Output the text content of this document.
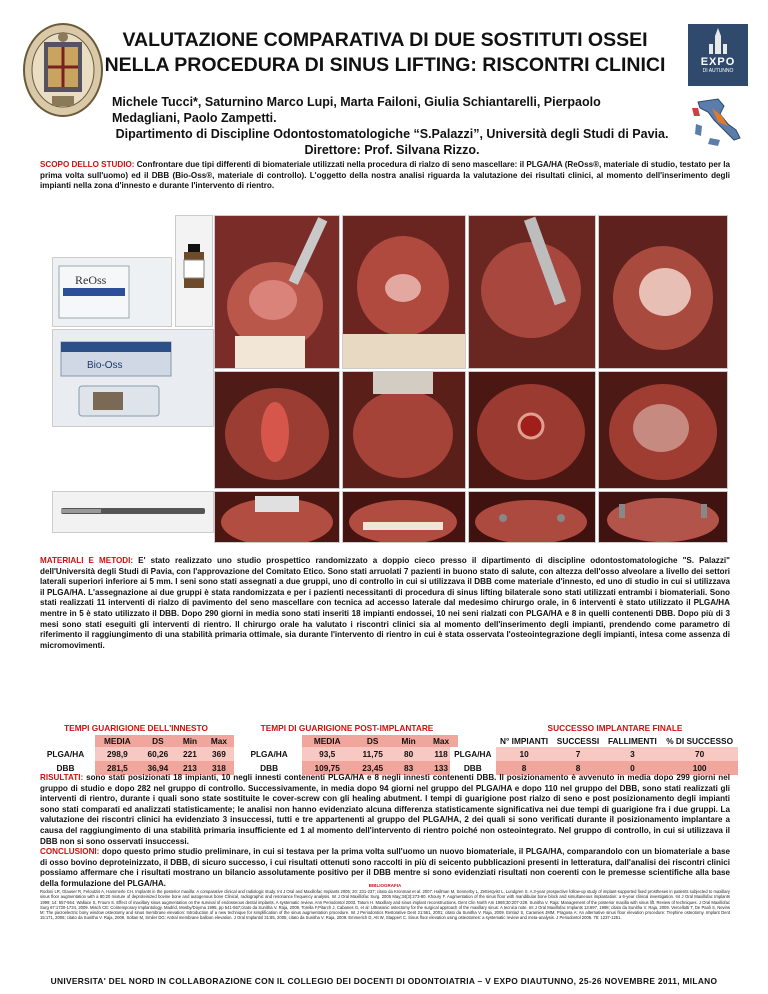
VALUTAZIONE COMPARATIVA DI DUE SOSTITUTI OSSEI
NELLA PROCEDURA DI SINUS LIFTING: RISCONTRI CLINICI	EXPO
DI AUTUNNO
Michele Tucci*, Saturnino Marco Lupi, Marta Failoni, Giulia Schiantarelli, Pierpaolo Medagliani, Paolo Zampetti.
Dipartimento di Discipline Odontostomatologiche “S.Palazzi”, Università degli Studi di Pavia.
Direttore: Prof. Silvana Rizzo.
SCOPO DELLO STUDIO: Confrontare due tipi differenti di biomateriale utilizzati nella procedura di rialzo di seno mascellare: il PLGA/HA (ReOss®, materiale di studio, testato per la prima volta sull'uomo) ed il DBB (Bio-Oss®, materiale di controllo). L'oggetto della nostra analisi riguarda la valutazione dei risultati clinici, al momento dell'inserimento degli impianti nella zona d'innesto e durante l'intervento di rientro.
ReOss
Bio-Oss
MATERIALI E METODI: E' stato realizzato uno studio prospettico randomizzato a doppio cieco presso il dipartimento di discipline odontostomatologiche "S. Palazzi" dell'Università degli Studi di Pavia, con l'approvazione del Comitato Etico. Sono stati arruolati 7 pazienti in buono stato di salute, con altezza dell'osso alveolare a livello dei settori laterali superiori inferiore ai 5 mm. I seni sono stati assegnati a due gruppi, uno di controllo in cui si utilizzava il DBB come materiale d'innesto, ed uno di studio in cui si utilizzava il PLGA/HA. L'assegnazione ai due gruppi è stata randomizzata e per i pazienti necessitanti di procedura di sinus lifting bilaterale sono stati utilizzati entrambi i biomateriali. Sono stati realizzati 11 interventi di rialzo di pavimento del seno mascellare con tecnica ad accesso laterale dal medesimo chirurgo orale, in 6 interventi è stato utilizzato il PLGA/HA mentre in 5 è stato utilizzato il DBB. Dopo 290 giorni in media sono stati inseriti 18 impianti endossei, 10 nei seni rialzati con PLGA/HA e 8 in quelli contenenti DBB. Dopo più di 3 mesi sono stati eseguiti gli interventi di rientro. Il chirurgo orale ha valutato i riscontri clinici sia al momento dell'inserimento degli impianti, prendendo come parametro di riferimento il raggiungimento di una stabilità primaria ottimale, sia durante l'intervento di rientro in cui è stata osservata l'osteointegrazione degli impianti, intesa come assenza di micromovimenti.
TEMPI GUARIGIONE DELL'INNESTO
	MEDIA	DS	Min	Max
PLGA/HA	298,9	60,26	221	369
DBB	281,5	36,94	213	318
TEMPI DI GUARIGIONE POST-IMPLANTARE
	MEDIA	DS	Min	Max
PLGA/HA	93,5	11,75	80	118
DBB	109,75	23,45	83	133
SUCCESSO IMPLANTARE FINALE
	N° IMPIANTI	SUCCESSI	FALLIMENTI	% DI SUCCESSO
PLGA/HA	10	7	3	70
DBB	8	8	0	100
RISULTATI: sono stati posizionati 18 impianti, 10 negli innesti contenenti PLGA/HA e 8 negli innesti contenenti DBB. Il posizionamento è avvenuto in media dopo 299 giorni nel gruppo di studio e dopo 282 nel gruppo di controllo. Successivamente, in media dopo 94 giorni nel gruppo del PLGA/HA e dopo 110 nel gruppo del DBB, sono stati realizzati gli interventi di rientro, durante i quali sono state sostituite le cover-screw con gli healing abutment. I tempi di guarigione post rialzo di seno e post posizionamento degli impianti sono stati comparati ed analizzati statisticamente; le analisi non hanno evidenziato alcuna differenza statisticamente significativa nei due tempi di guarigione fra i due gruppi. La valutazione dei riscontri clinici ha evidenziato 3 insuccessi, tutti e tre appartenenti al gruppo del PLGA/HA, 2 dei quali si sono verificati durante il posizionamento implantare a causa del raggiungimento di una stabilità primaria insufficiente ed 1 al momento dell'intervento di rientro poiché non osteointegrato. Nel gruppo di controllo, in cui si utilizzava il DBB non si sono osservati insuccessi.
CONCLUSIONI: dopo questo primo studio preliminare, in cui si testava per la prima volta sull'uomo un nuovo biomateriale, il PLGA/HA, comparandolo con un biomateriale a base di osso bovino deproteinizzato, il DBB, di sicuro successo, i cui risultati ottenuti sono raccolti in più di seicento pubblicazioni presenti in letteratura, dall'analisi dei riscontri clinici possiamo affermare che i risultati mostrano un bilancio assolutamente positivo per il DBB mentre si sono evidenziati risultati non coerenti con le premesse scientifiche alla base della formulazione del PLGA/HA.	BIBLIOGRAFIA
Rodoni LR, Glauser R, Feloutzis A, Hammerle CH. Implants in the posterior maxilla: A comparative clinical and radiologic study. Int J Oral and Maxillofac Implants 2005; 20: 231-237; citato da Kronmair et al. 2007. Hallman M, Sennerby L, Zetterqvist L, Lundgren S. A 3-year prospective follow-up study of implant-supported fixed prostheses in patients subjected to maxillary sinus floor augmentation with a 80:20 mixture of deproteinized bovine bone and autogenous bone Clinical, radiographic and resonance frequency analysis. Int J Oral Maxillofac Surg. 2005 May;34(3):273-80. Khoury F. Augmentation of the sinus floor with mandibular bone block and simultaneous implantation: a 6-year clinical investigation. Int J Oral Maxillofac Implants 1999; 14: 557-564. Wallace S, Froum S. Effect of maxillary sinus augmentation on the survival of endosseous dental implants. A systematic review. Ann Periodontol 2003. Tatum H. Maxillary and sinus implant reconstructions. Dent Clin North Am 1986;30:207-229. Sunitha V. Raja: Management of the posterior maxilla with sinus lift. Review of techniques. J Oral Maxillofac Surg 67:1730-1734, 2009. Misch CE: Contemporary Implantology. Madrid, Mosby/Doyma 1995, pp 541-567;citato da Sunitha V. Raja, 2009. Torella F,Pitarch J, Cabanes G, et al: Ultrasonic ostectomy for the surgical approach of the maxillary sinus: A tecnica note. Int J Oral Maxillofac Implants 13:697, 1998; citato da Sunitha V. Raja, 2009. Vercellotti T, De Paoli S, Nevins M: The piezoelectric bony window osteotomy and sinus membrane elevation: Introduction of a new technique for simplification of the sinus augmentation procedure. Int J Periodontics Restorative Dent 21:561, 2001; citato da Sunitha V. Raja, 2009. Emtiaz S, Caramies JMM, Pragosa A: An alternative sinus floor elevation procedure: Trephine osteotomy. Implant Dent 15:171, 2006; citato da Sunitha V. Raja, 2009. Soltan M, Smiler DG: Antral membrane balloon elevation. J Oral Implantol 31:85, 2005; citato da Sunitha V. Raja, 2009. Emmerich D, Att W, Stappert C. Sinus floor elevation using osteotomes: a systematic review and meta-analysis. J Periodontol 2005. 76: 1237-1251.
UNIVERSITA' DEL NORD IN COLLABORAZIONE CON IL COLLEGIO DEI DOCENTI DI ODONTOIATRIA – V EXPO DIAUTUNNO, 25-26 NOVEMBRE 2011, MILANO
